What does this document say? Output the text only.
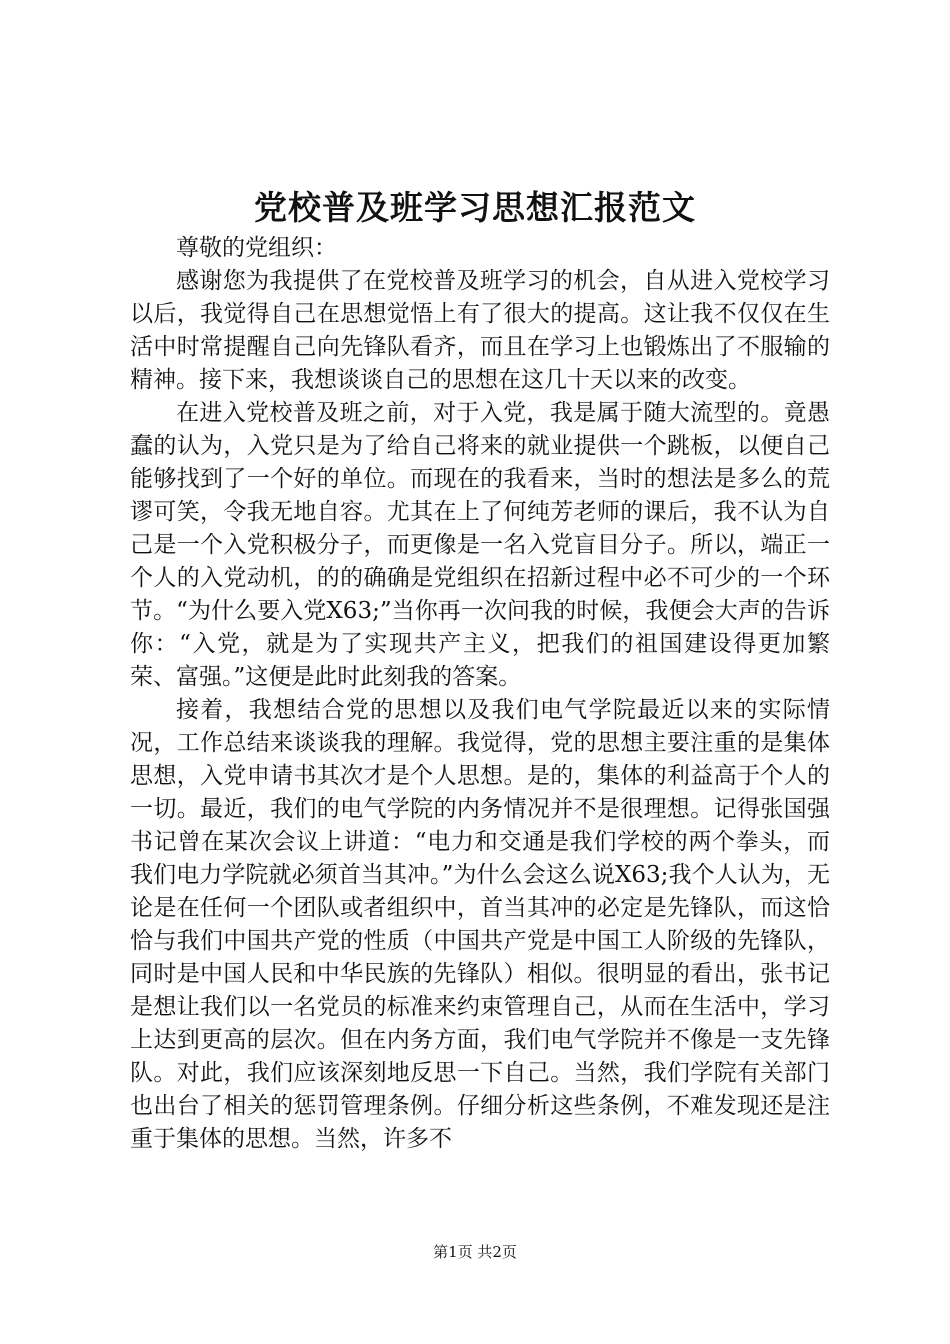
党校普及班学习思想汇报范文
尊敬的党组织：

感谢您为我提供了在党校普及班学习的机会，自从进入党校学习以后，我觉得自己在思想觉悟上有了很大的提高。这让我不仅仅在生活中时常提醒自己向先锋队看齐，而且在学习上也锻炼出了不服输的精神。接下来，我想谈谈自己的思想在这几十天以来的改变。

在进入党校普及班之前，对于入党，我是属于随大流型的。竟愚蠢的认为，入党只是为了给自己将来的就业提供一个跳板，以便自己能够找到了一个好的单位。而现在的我看来，当时的想法是多么的荒谬可笑，令我无地自容。尤其在上了何纯芳老师的课后，我不认为自己是一个入党积极分子，而更像是一名入党盲目分子。所以，端正一个人的入党动机，的的确确是党组织在招新过程中必不可少的一个环节。“为什么要入党X63;”当你再一次问我的时候，我便会大声的告诉你：“入党，就是为了实现共产主义，把我们的祖国建设得更加繁荣、富强。”这便是此时此刻我的答案。

接着，我想结合党的思想以及我们电气学院最近以来的实际情况，工作总结来谈谈我的理解。我觉得，党的思想主要注重的是集体思想，入党申请书其次才是个人思想。是的，集体的利益高于个人的一切。最近，我们的电气学院的内务情况并不是很理想。记得张国强书记曾在某次会议上讲道：“电力和交通是我们学校的两个拳头，而我们电力学院就必须首当其冲。”为什么会这么说X63;我个人认为，无论是在任何一个团队或者组织中，首当其冲的必定是先锋队，而这恰恰与我们中国共产党的性质（中国共产党是中国工人阶级的先锋队，同时是中国人民和中华民族的先锋队）相似。很明显的看出，张书记是想让我们以一名党员的标准来约束管理自己，从而在生活中，学习上达到更高的层次。但在内务方面，我们电气学院并不像是一支先锋队。对此，我们应该深刻地反思一下自己。当然，我们学院有关部门也出台了相关的惩罚管理条例。仔细分析这些条例，不难发现还是注重于集体的思想。当然，许多不

第1页 共2页
